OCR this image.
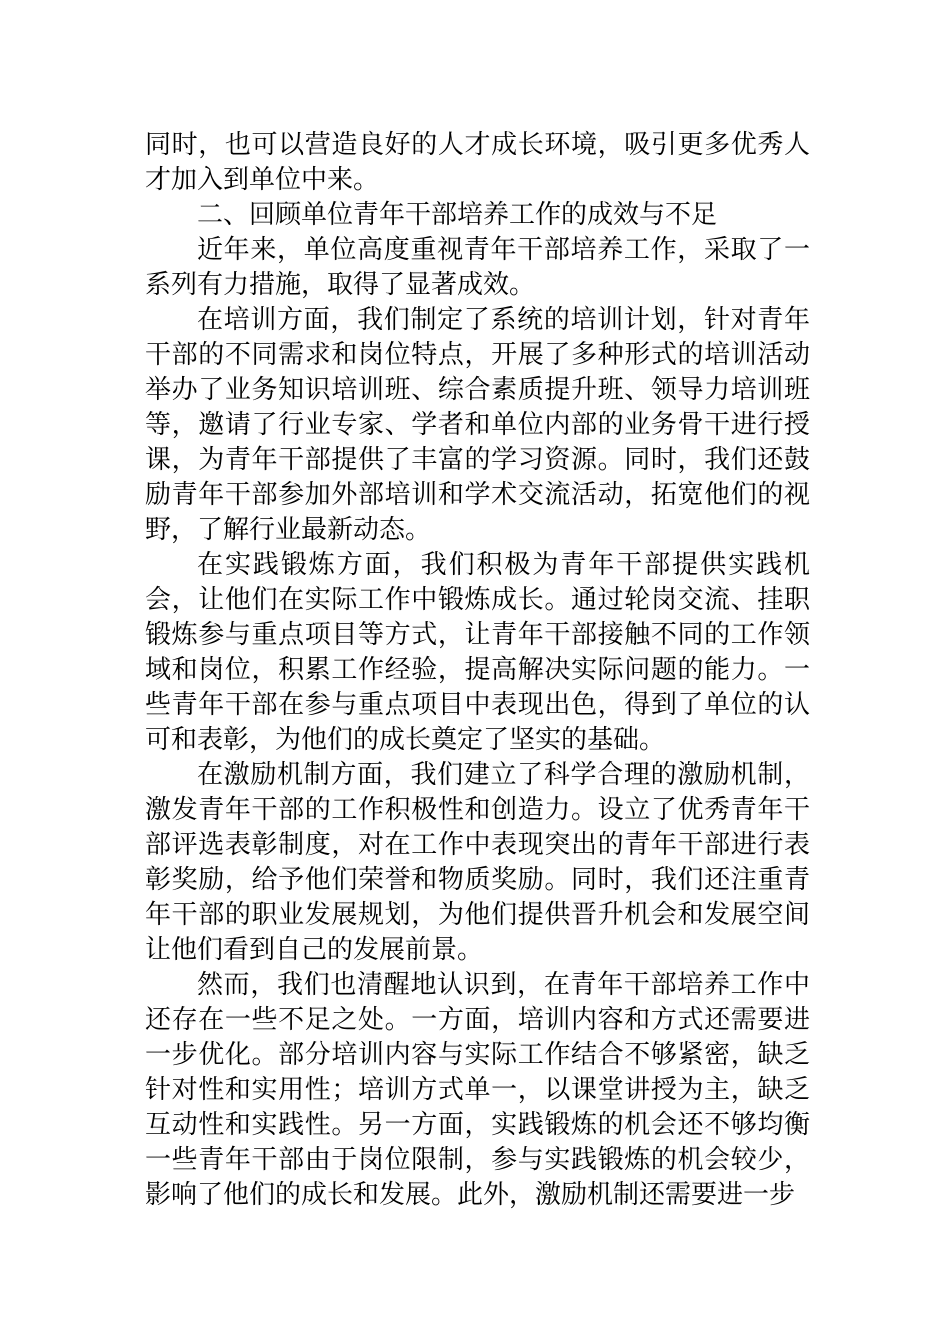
同时，也可以营造良好的人才成长环境，吸引更多优秀人才加入到单位中来。

二、回顾单位青年干部培养工作的成效与不足

近年来，单位高度重视青年干部培养工作，采取了一系列有力措施，取得了显著成效。

在培训方面，我们制定了系统的培训计划，针对青年干部的不同需求和岗位特点，开展了多种形式的培训活动举办了业务知识培训班、综合素质提升班、领导力培训班等，邀请了行业专家、学者和单位内部的业务骨干进行授课，为青年干部提供了丰富的学习资源。同时，我们还鼓励青年干部参加外部培训和学术交流活动，拓宽他们的视野，了解行业最新动态。

在实践锻炼方面，我们积极为青年干部提供实践机会，让他们在实际工作中锻炼成长。通过轮岗交流、挂职锻炼参与重点项目等方式，让青年干部接触不同的工作领域和岗位，积累工作经验，提高解决实际问题的能力。一些青年干部在参与重点项目中表现出色，得到了单位的认可和表彰，为他们的成长奠定了坚实的基础。

在激励机制方面，我们建立了科学合理的激励机制，激发青年干部的工作积极性和创造力。设立了优秀青年干部评选表彰制度，对在工作中表现突出的青年干部进行表彰奖励，给予他们荣誉和物质奖励。同时，我们还注重青年干部的职业发展规划，为他们提供晋升机会和发展空间让他们看到自己的发展前景。

然而，我们也清醒地认识到，在青年干部培养工作中还存在一些不足之处。一方面，培训内容和方式还需要进一步优化。部分培训内容与实际工作结合不够紧密，缺乏针对性和实用性；培训方式单一，以课堂讲授为主，缺乏互动性和实践性。另一方面，实践锻炼的机会还不够均衡一些青年干部由于岗位限制，参与实践锻炼的机会较少，影响了他们的成长和发展。此外，激励机制还需要进一步
